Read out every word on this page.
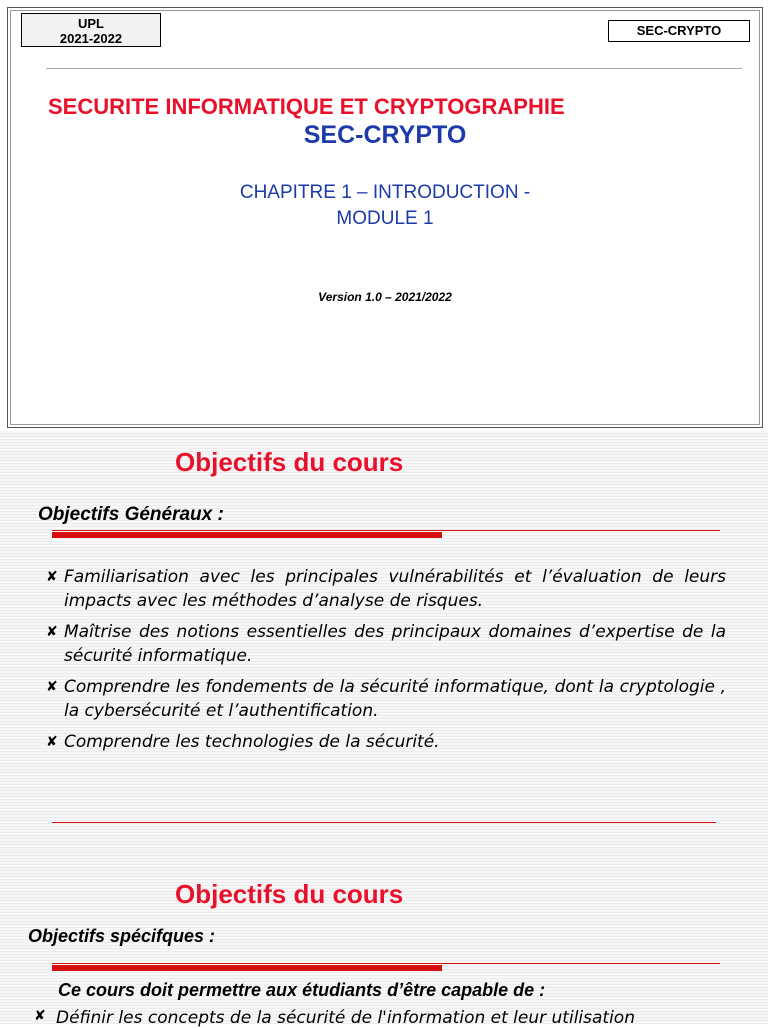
UPL
2021-2022
SEC-CRYPTO
SECURITE INFORMATIQUE ET CRYPTOGRAPHIE
SEC-CRYPTO
CHAPITRE 1 – INTRODUCTION -
MODULE 1
Version 1.0 – 2021/2022
Objectifs du cours
Objectifs Généraux :
✘ Familiarisation avec les principales vulnérabilités et l’évaluation de leurs impacts avec les méthodes d’analyse de risques.
✘ Maîtrise des notions essentielles des principaux domaines d’expertise de la sécurité informatique.
✘ Comprendre les fondements de la sécurité informatique, dont la cryptologie , la cybersécurité et l’authentification.
✘ Comprendre les technologies de la sécurité.
Objectifs du cours
Objectifs spécifques :
Ce cours doit permettre aux étudiants d’être capable de :
✘ Définir les concepts de la sécurité de l'information et leur utilisation
